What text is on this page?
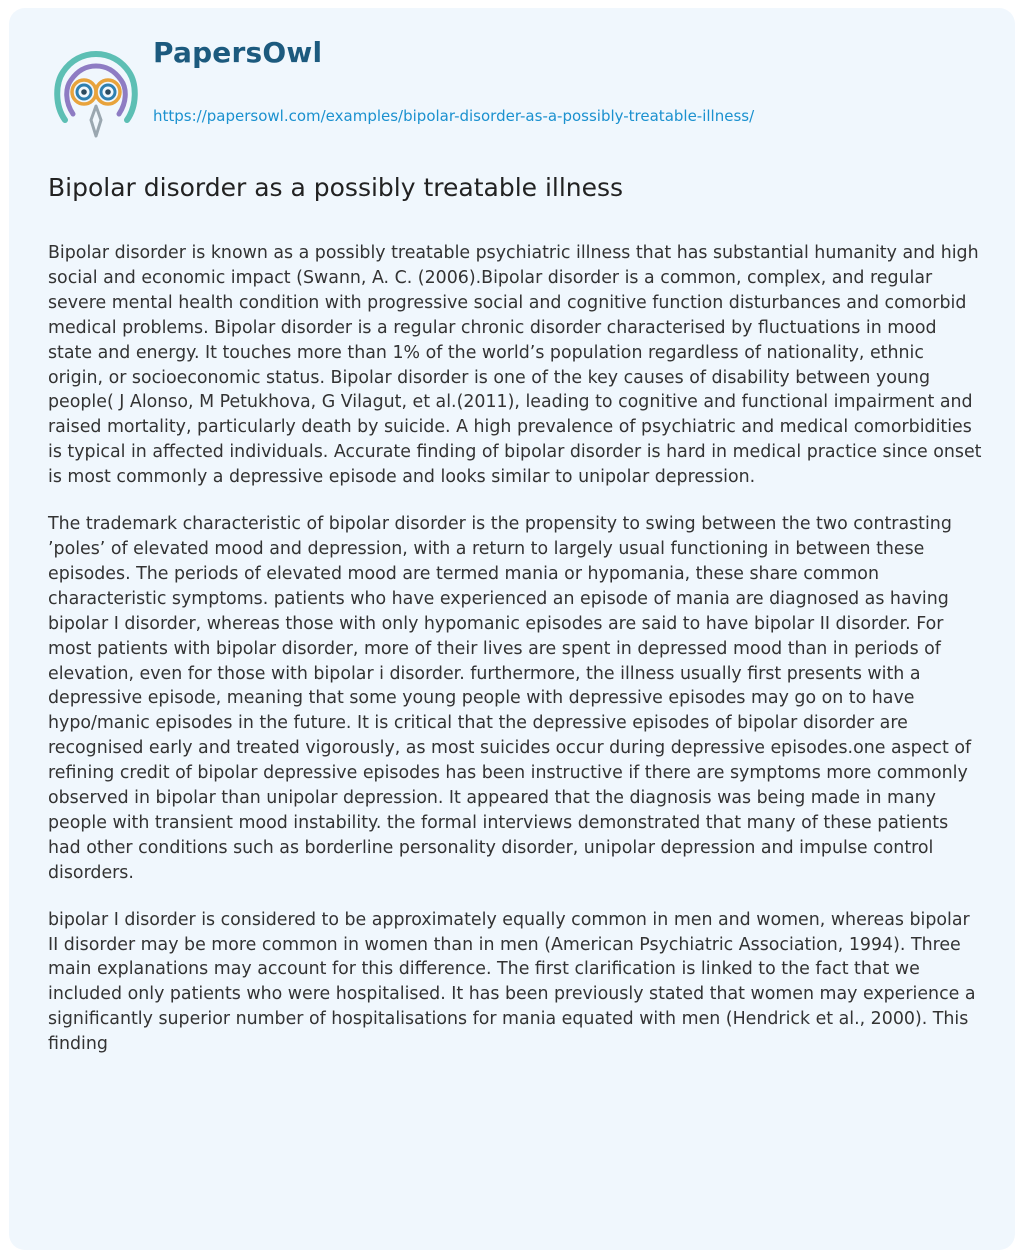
PapersOwl
https://papersowl.com/examples/bipolar-disorder-as-a-possibly-treatable-illness/
Bipolar disorder as a possibly treatable illness

Bipolar disorder is known as a possibly treatable psychiatric illness that has substantial humanity and high social and economic impact (Swann, A. C. (2006).Bipolar disorder is a common, complex, and regular severe mental health condition with progressive social and cognitive function disturbances and comorbid medical problems. Bipolar disorder is a regular chronic disorder characterised by fluctuations in mood state and energy. It touches more than 1% of the world’s population regardless of nationality, ethnic origin, or socioeconomic status. Bipolar disorder is one of the key causes of disability between young people( J Alonso, M Petukhova, G Vilagut, et al.(2011), leading to cognitive and functional impairment and raised mortality, particularly death by suicide. A high prevalence of psychiatric and medical comorbidities is typical in affected individuals. Accurate finding of bipolar disorder is hard in medical practice since onset is most commonly a depressive episode and looks similar to unipolar depression.

The trademark characteristic of bipolar disorder is the propensity to swing between the two contrasting ’poles’ of elevated mood and depression, with a return to largely usual functioning in between these episodes. The periods of elevated mood are termed mania or hypomania, these share common characteristic symptoms. patients who have experienced an episode of mania are diagnosed as having bipolar I disorder, whereas those with only hypomanic episodes are said to have bipolar II disorder. For most patients with bipolar disorder, more of their lives are spent in depressed mood than in periods of elevation, even for those with bipolar i disorder. furthermore, the illness usually first presents with a depressive episode, meaning that some young people with depressive episodes may go on to have hypo/manic episodes in the future. It is critical that the depressive episodes of bipolar disorder are recognised early and treated vigorously, as most suicides occur during depressive episodes.one aspect of refining credit of bipolar depressive episodes has been instructive if there are symptoms more commonly observed in bipolar than unipolar depression. It appeared that the diagnosis was being made in many people with transient mood instability. the formal interviews demonstrated that many of these patients had other conditions such as borderline personality disorder, unipolar depression and impulse control disorders.

bipolar I disorder is considered to be approximately equally common in men and women, whereas bipolar II disorder may be more common in women than in men (American Psychiatric Association, 1994). Three main explanations may account for this difference. The first clarification is linked to the fact that we included only patients who were hospitalised. It has been previously stated that women may experience a significantly superior number of hospitalisations for mania equated with men (Hendrick et al., 2000). This finding
